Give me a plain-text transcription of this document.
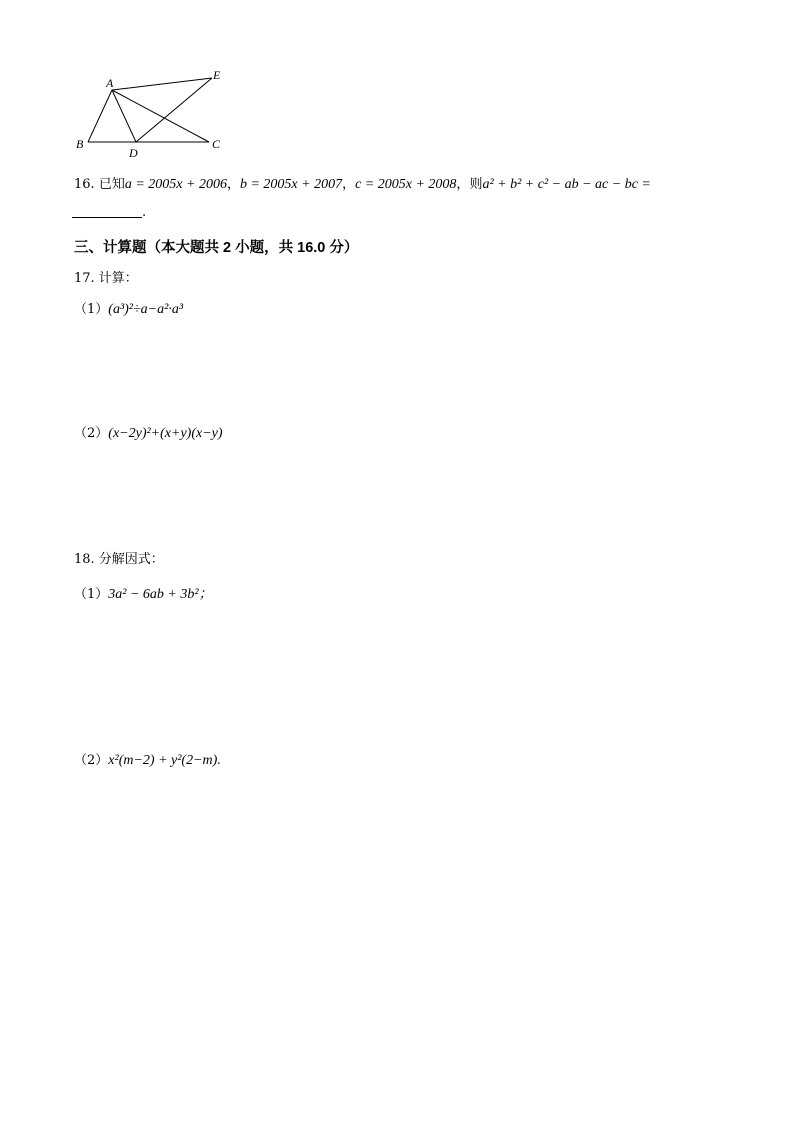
A
E
B
D
C
16. 已知a = 2005x + 2006，b = 2005x + 2007，c = 2005x + 2008，则a² + b² + c² − ab − ac − bc =
.
三、计算题（本大题共 2 小题，共 16.0 分）
17. 计算：
（1）(a³)²÷a−a²·a³
（2）(x−2y)²+(x+y)(x−y)
18. 分解因式：
（1）3a² − 6ab + 3b²；
（2）x²(m−2) + y²(2−m).
